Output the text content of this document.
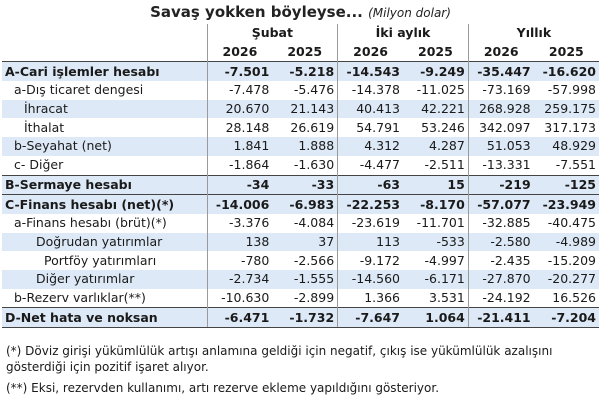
Savaş yokken böyleyse... (Milyon dolar)
	Şubat		İki aylık		Yıllık	
	2026	2025	2026	2025	2026	2025
A-Cari işlemler hesabı	-7.501	-5.218	-14.543	-9.249	-35.447	-16.620
a-Dış ticaret dengesi	-7.478	-5.476	-14.378	-11.025	-73.169	-57.998
İhracat	20.670	21.143	40.413	42.221	268.928	259.175
İthalat	28.148	26.619	54.791	53.246	342.097	317.173
b-Seyahat (net)	1.841	1.888	4.312	4.287	51.053	48.929
c- Diğer	-1.864	-1.630	-4.477	-2.511	-13.331	-7.551
B-Sermaye hesabı	-34	-33	-63	15	-219	-125
C-Finans hesabı (net)(*)	-14.006	-6.983	-22.253	-8.170	-57.077	-23.949
a-Finans hesabı (brüt)(*)	-3.376	-4.084	-23.619	-11.701	-32.885	-40.475
Doğrudan yatırımlar	138	37	113	-533	-2.580	-4.989
Portföy yatırımları	-780	-2.566	-9.172	-4.997	-2.435	-15.209
Diğer yatırımlar	-2.734	-1.555	-14.560	-6.171	-27.870	-20.277
b-Rezerv varlıklar(**)	-10.630	-2.899	1.366	3.531	-24.192	16.526
D-Net hata ve noksan	-6.471	-1.732	-7.647	1.064	-21.411	-7.204

(*) Döviz girişi yükümlülük artışı anlamına geldiği için negatif, çıkış ise yükümlülük azalışını gösterdiği için pozitif işaret alıyor.

(**) Eksi, rezervden kullanımı, artı rezerve ekleme yapıldığını gösteriyor.
